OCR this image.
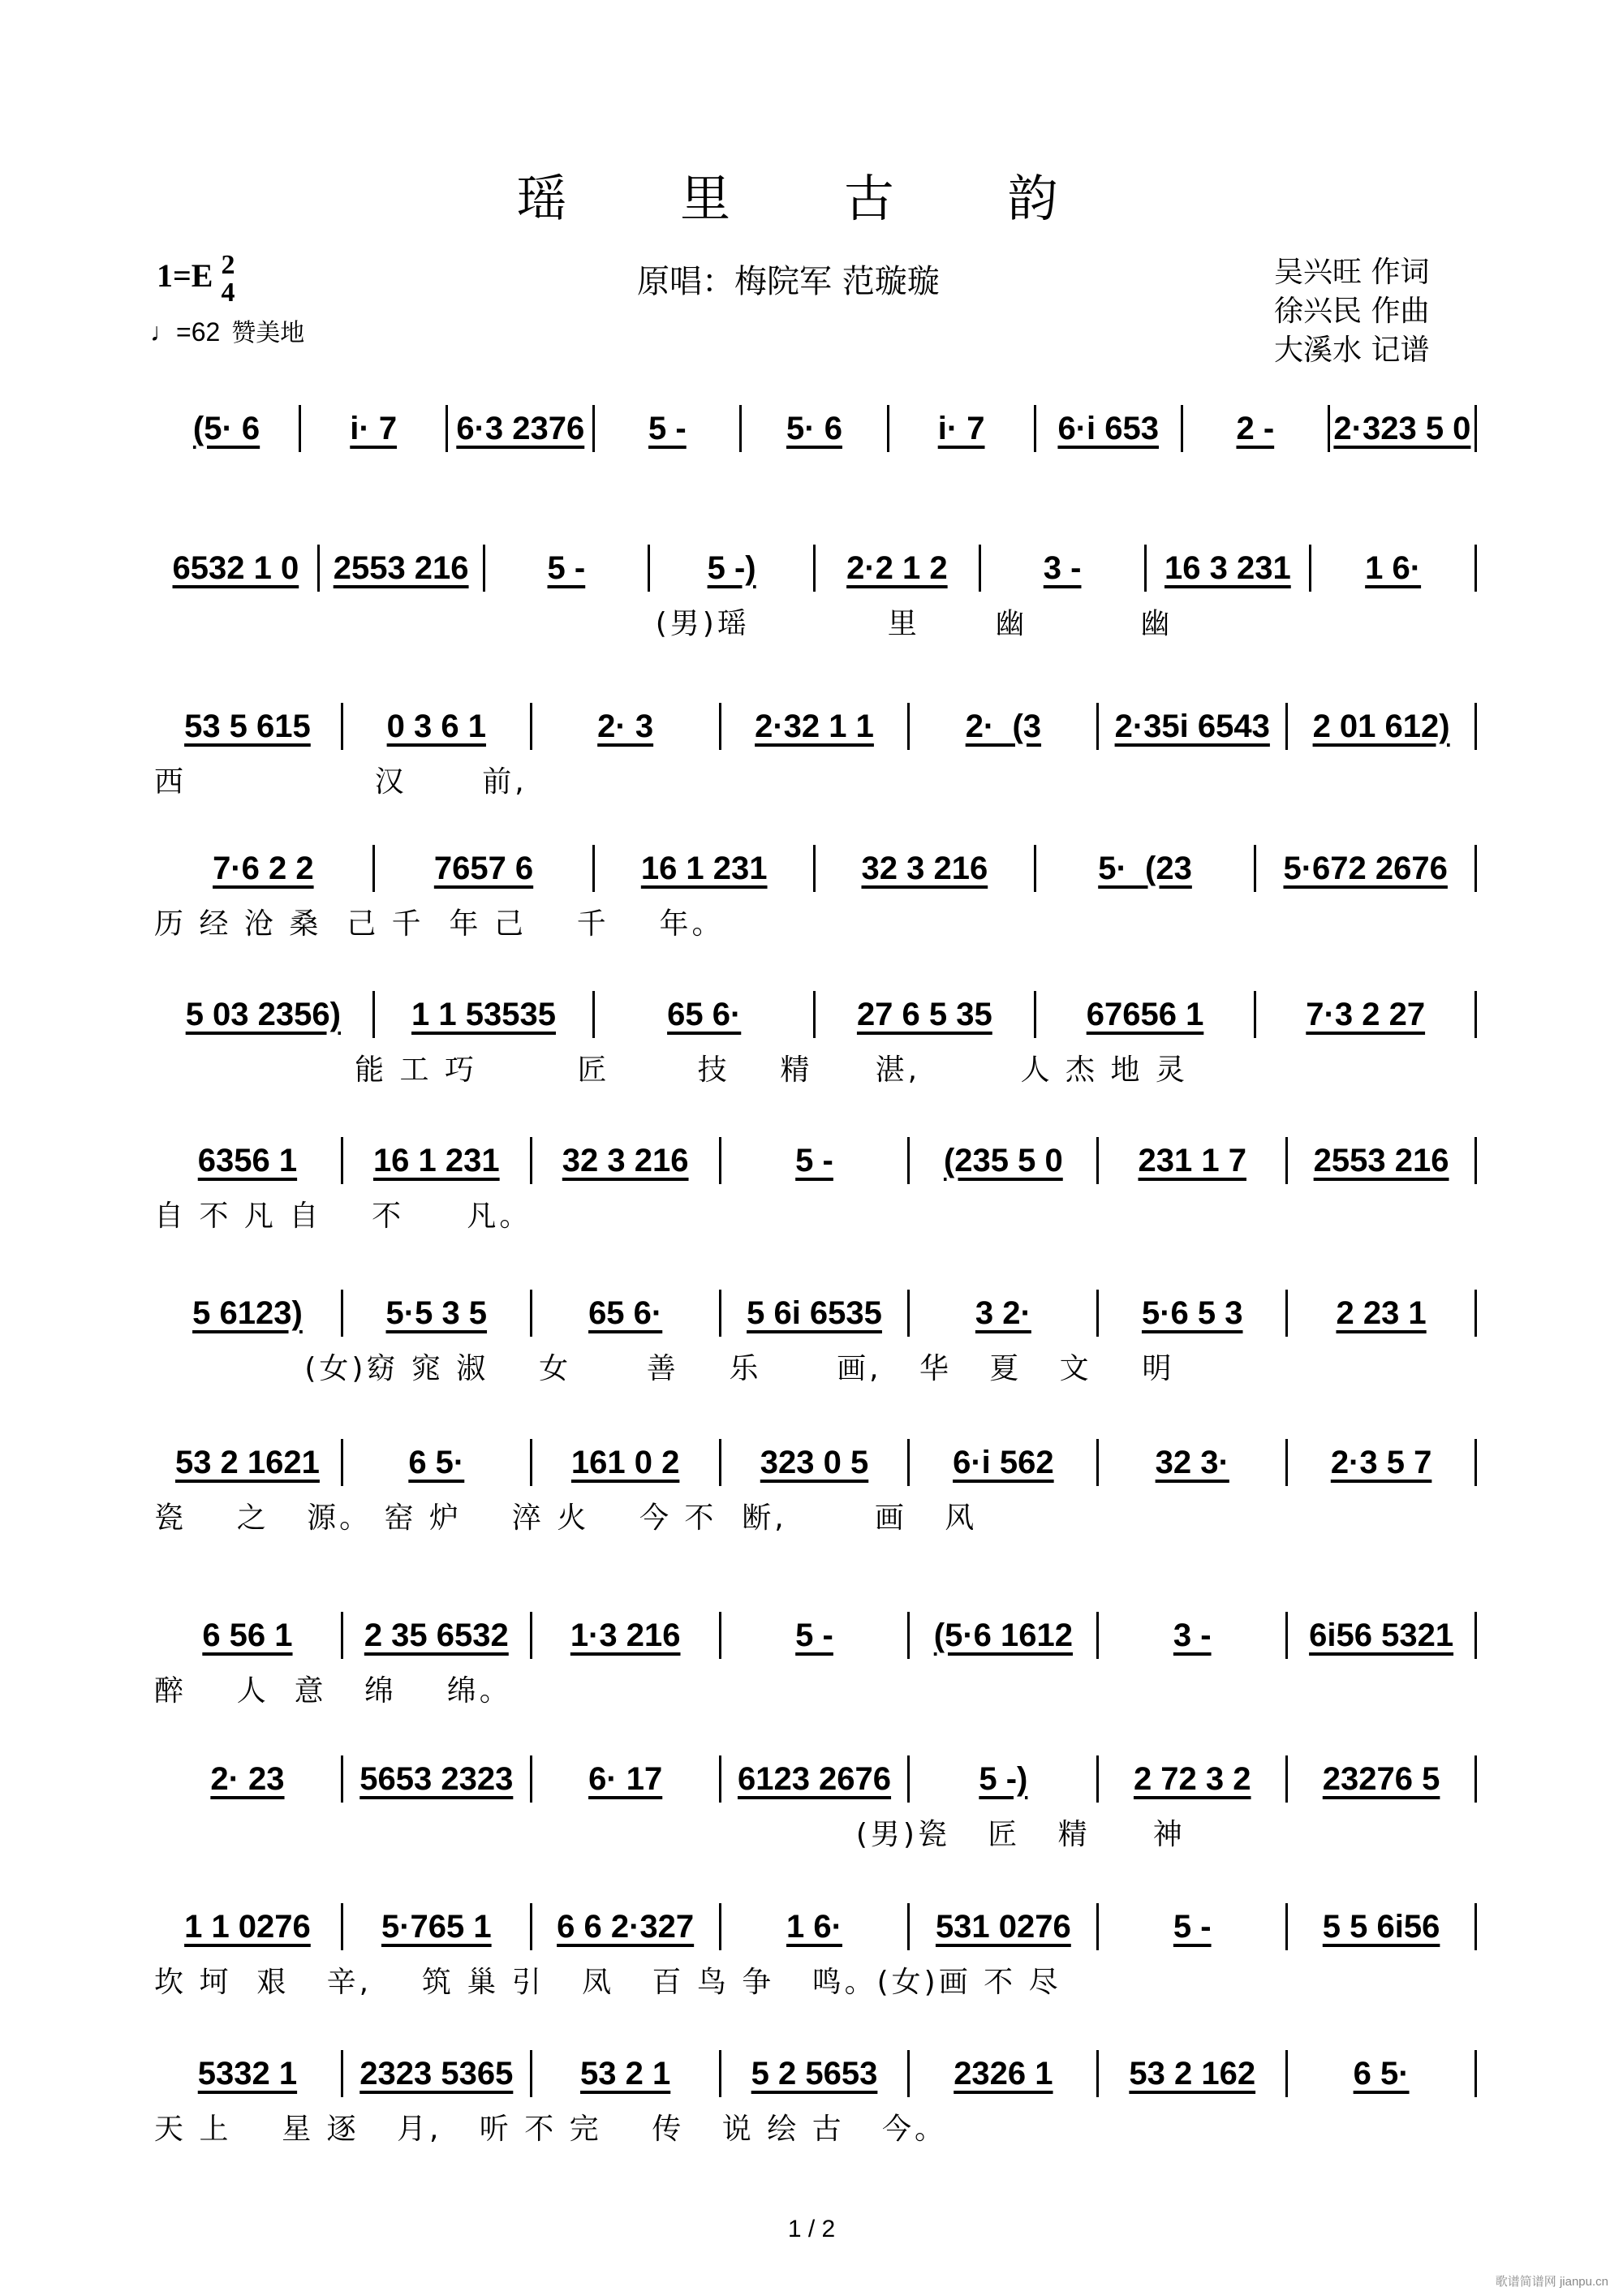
瑶 里 古 韵
1=E 2
4
♩=62 赞美地
原唱：梅院军 范璇璇	吴兴旺 作词
徐兴民 作曲
大溪水 记谱
(5· 6	i· 7	6·3 2376	5 -	5· 6	i· 7	6·i 653	2 -	2·323 5 0
6532 1 0	2553 216	5 -	5 -)	2·2 1 2	3 -	16 3 231	1 6·
(男)瑶           里      幽         幽
53 5 615	0 3 6 1	2· 3	2·32 1 1	2·  (3	2·35i 6543	2 01 612)
西               汉      前,
7·6 2 2	7657 6	16 1 231	32 3 216	5·  (23	5·672 2676
历 经 沧 桑  己 千  年 己    千    年。
5 03 2356)	1 1 53535	65 6·	27 6 5 35	67656 1	7·3 2 27
能 工 巧        匠       技    精     湛,        人 杰 地 灵
6356 1	16 1 231	32 3 216	5 -	(235 5 0	231 1 7	2553 216
自 不 凡 自    不     凡。
5 6123)	5·5 3 5	65 6·	5 6i 6535	3 2·	5·6 5 3	2 23 1
(女)窈 窕 淑    女      善    乐      画,   华   夏   文    明
53 2 1621	6 5·	161 0 2	323 0 5	6·i 562	32 3·	2·3 5 7
瓷    之   源。 窑 炉    淬 火    今 不  断,       画   风
6 56 1	2 35 6532	1·3 216	5 -	(5·6 1612	3 -	6i56 5321
醉    人  意   绵    绵。
2· 23	5653 2323	6· 17	6123 2676	5 -)	2 72 3 2	23276 5
(男)瓷   匠   精     神
1 1 0276	5·765 1	6 6 2·327	1 6·	531 0276	5 -	5 5 6i56
坎 坷  艰   辛,    筑 巢 引   凤   百 鸟 争   鸣。(女)画 不 尽
5332 1	2323 5365	53 2 1	5 2 5653	2326 1	53 2 162	6 5·
天 上    星 逐   月,   听 不 完    传   说 绘 古   今。
1 / 2
歌谱简谱网 jianpu.cn
